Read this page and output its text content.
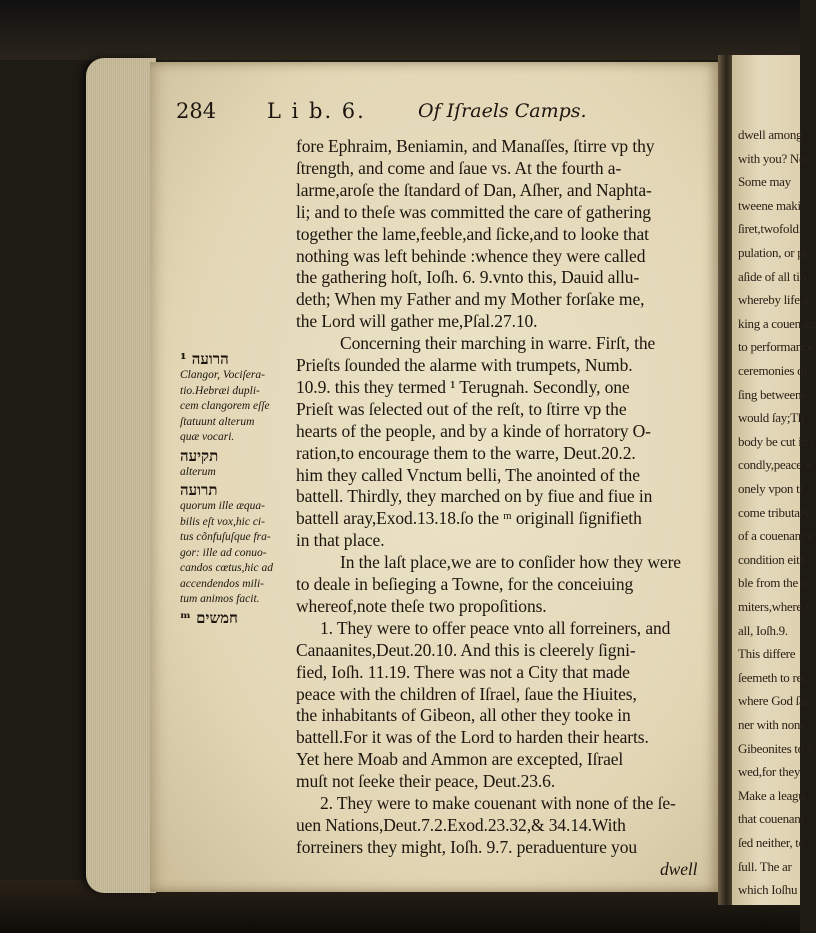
284 L i b. 6.	Of Iſraels Camps.
fore Ephraim, Beniamin, and Manaſſes, ſtirre vp thy
ſtrength, and come and ſaue vs. At the fourth a-
larme,aroſe the ſtandard of Dan, Aſher, and Naphta-
li; and to theſe was committed the care of gathering
together the lame,feeble,and ſicke,and to looke that
nothing was left behinde :whence they were called
the gathering hoſt, Ioſh. 6. 9.vnto this, Dauid allu-
deth; When my Father and my Mother forſake me,
the Lord will gather me,Pſal.27.10.
Concerning their marching in warre. Firſt, the
Prieſts ſounded the alarme with trumpets, Numb.
10.9. this they termed ¹ Terugnah. Secondly, one
Prieſt was ſelected out of the reſt, to ſtirre vp the
hearts of the people, and by a kinde of horratory O-
ration,to encourage them to the warre, Deut.20.2.
him they called Vnctum belli, The anointed of the
battell. Thirdly, they marched on by fiue and fiue in
battell aray,Exod.13.18.ſo the ᵐ originall ſignifieth
in that place.
In the laſt place,we are to conſider how they were
to deale in beſieging a Towne, for the conceiuing
whereof,note theſe two propoſitions.
1. They were to offer peace vnto all forreiners, and
Canaanites,Deut.20.10. And this is cleerely ſigni-
fied, Ioſh. 11.19. There was not a City that made
peace with the children of Iſrael, ſaue the Hiuites,
the inhabitants of Gibeon, all other they tooke in
battell.For it was of the Lord to harden their hearts.
Yet here Moab and Ammon are excepted, Iſrael
muſt not ſeeke their peace, Deut.23.6.
2. They were to make couenant with none of the ſe-
uen Nations,Deut.7.2.Exod.23.32,& 34.14.With
forreiners they might, Ioſh. 9.7. peraduenture you
dwell
¹ הרועה
Clangor, Vociſera-
tio.Hebræi dupli-
cem clangorem eſſe
ſtatuunt alterum
quæ vocari.
תקיעה
alterum
תרועה
quorum ille æqua-
bilis eſt vox,hic ci-
tus cõnfuſuſque fra-
gor: ille ad conuo-
candos cœtus,hic ad
accendendos mili-
tum animos facit.
ᵐ חמשים
dwell among
with you? No
Some may
tweene maki
ſiret,twofold.
pulation, or pi
aſide of all tio
whereby life o
king a couenant
to performance
ceremonies of
ſing betweene
would ſay;Th
body be cut in t
condly,peace w
onely vpon tl
come tributary
of a couenant v
condition eith
ble from the c
miters,where t
all, Ioſh.9.
This differe
ſeemeth to rec
where God ſai
ner with none
Gibeonites to b
wed,for they
Make a leagu
that couenant
ſed neither, to
ſull. The ar
which Ioſhu
